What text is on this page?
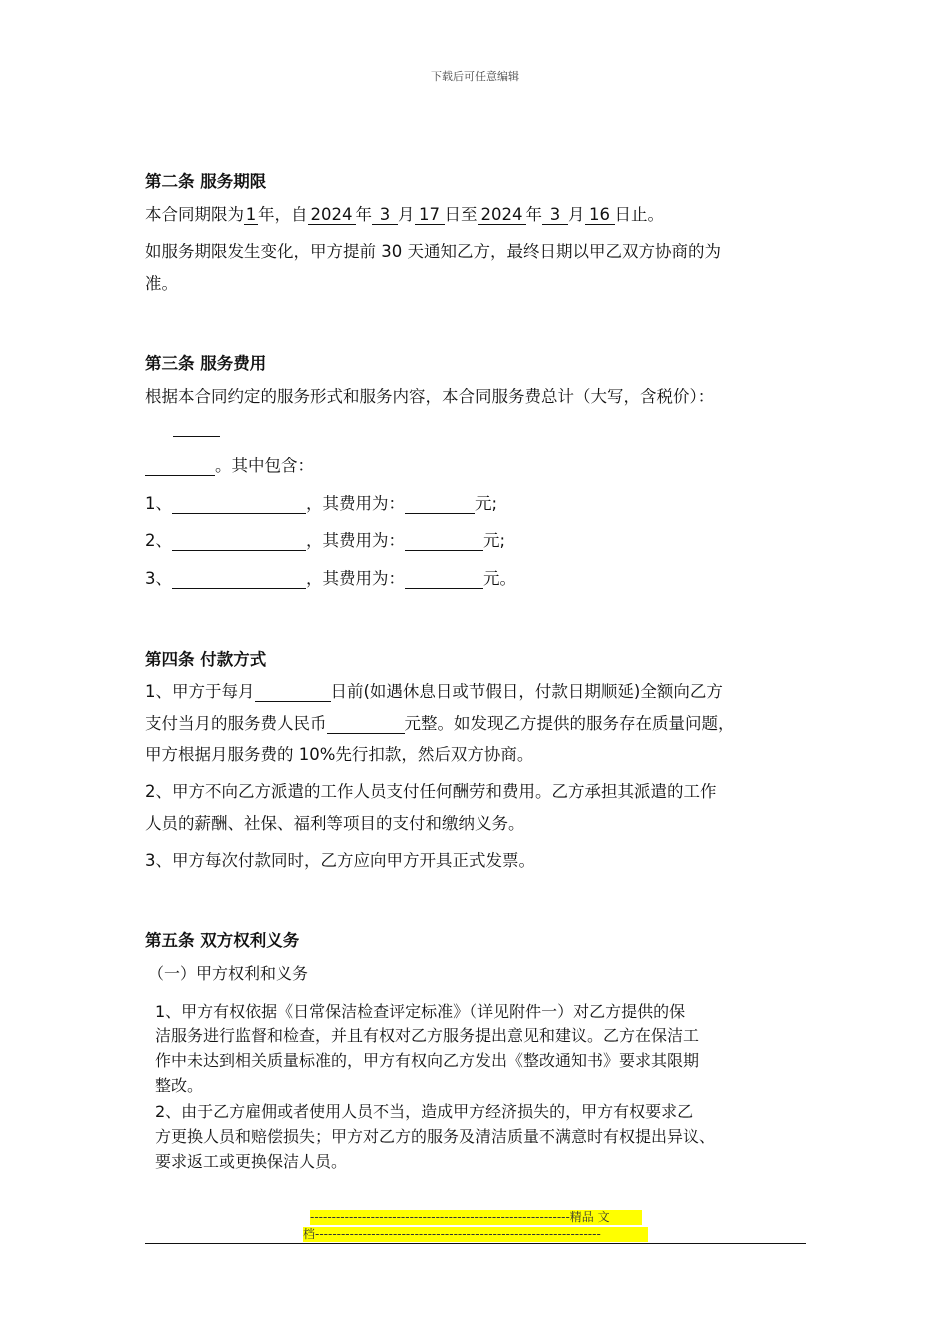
下载后可任意编辑
第二条 服务期限
本合同期限为 1 年，自 2024 年 3 月 17 日至 2024 年 3 月 16 日止。
如服务期限发生变化，甲方提前 30 天通知乙方，最终日期以甲乙双方协商的为
准。
第三条 服务费用
根据本合同约定的服务形式和服务内容，本合同服务费总计（大写，含税价）：
。其中包含：
1、	，其费用为：	元;
2、	，其费用为：	元;
3、	，其费用为：	元。
第四条 付款方式
1、甲方于每月	日前(如遇休息日或节假日，付款日期顺延)全额向乙方
支付当月的服务费人民币	元整。如发现乙方提供的服务存在质量问题，
甲方根据月服务费的 10%先行扣款，然后双方协商。
2、甲方不向乙方派遣的工作人员支付任何酬劳和费用。乙方承担其派遣的工作
人员的薪酬、社保、福利等项目的支付和缴纳义务。
3、甲方每次付款同时，乙方应向甲方开具正式发票。
第五条 双方权利义务
（一）甲方权利和义务
1、甲方有权依据《日常保洁检查评定标准》（详见附件一）对乙方提供的保
洁服务进行监督和检查，并且有权对乙方服务提出意见和建议。乙方在保洁工
作中未达到相关质量标准的，甲方有权向乙方发出《整改通知书》要求其限期
整改。
2、由于乙方雇佣或者使用人员不当，造成甲方经济损失的，甲方有权要求乙
方更换人员和赔偿损失；甲方对乙方的服务及清洁质量不满意时有权提出异议、
要求返工或更换保洁人员。
------------------------------------------------------------精品 文
档------------------------------------------------------------------
